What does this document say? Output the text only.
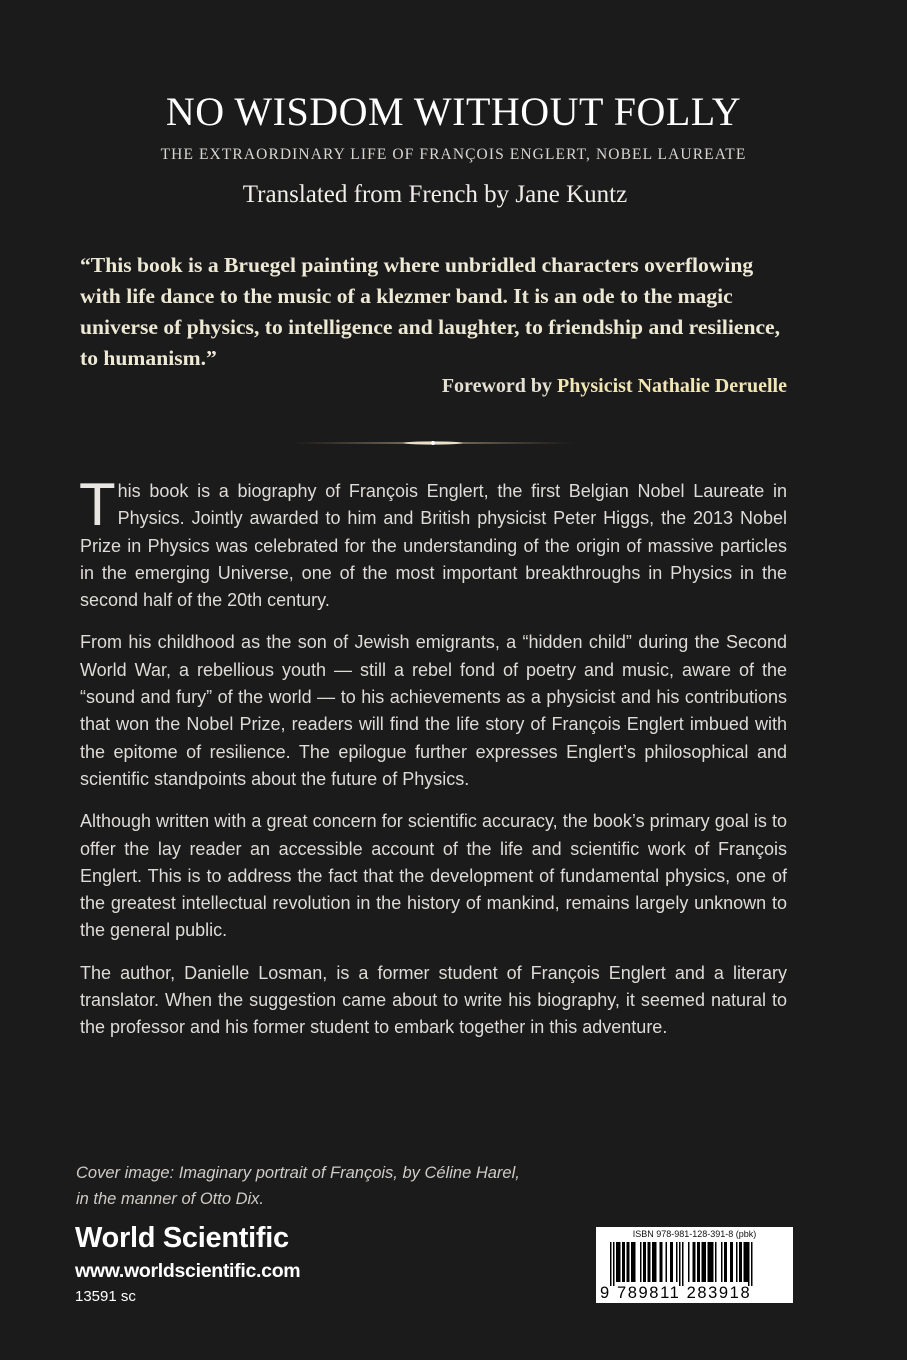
NO WISDOM WITHOUT FOLLY
THE EXTRAORDINARY LIFE OF FRANÇOIS ENGLERT, NOBEL LAUREATE
Translated from French by Jane Kuntz

“This book is a Bruegel painting where unbridled characters overflowing with life dance to the music of a klezmer band. It is an ode to the magic universe of physics, to intelligence and laughter, to friendship and resilience, to humanism.”

Foreword by Physicist Nathalie Deruelle

This book is a biography of François Englert, the first Belgian Nobel Laureate in Physics. Jointly awarded to him and British physicist Peter Higgs, the 2013 Nobel Prize in Physics was celebrated for the understanding of the origin of massive particles in the emerging Universe, one of the most important breakthroughs in Physics in the second half of the 20th century.

From his childhood as the son of Jewish emigrants, a “hidden child” during the Second World War, a rebellious youth — still a rebel fond of poetry and music, aware of the “sound and fury” of the world — to his achievements as a physicist and his contributions that won the Nobel Prize, readers will find the life story of François Englert imbued with the epitome of resilience. The epilogue further expresses Englert’s philosophical and scientific standpoints about the future of Physics.

Although written with a great concern for scientific accuracy, the book’s primary goal is to offer the lay reader an accessible account of the life and scientific work of François Englert. This is to address the fact that the development of fundamental physics, one of the greatest intellectual revolution in the history of mankind, remains largely unknown to the general public.

The author, Danielle Losman, is a former student of François Englert and a literary translator. When the suggestion came about to write his biography, it seemed natural to the professor and his former student to embark together in this adventure.

Cover image: Imaginary portrait of François, by Céline Harel,
in the manner of Otto Dix.
World Scientific
www.worldscientific.com
13591 sc
ISBN 978-981-128-391-8 (pbk)
9 789811 283918
